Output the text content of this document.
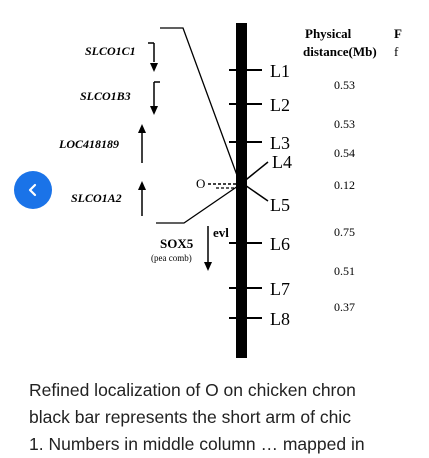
Physical
distance(Mb)
F
f
L1
L2
L3
L4
L5
L6
L7
L8
0.53
0.53
0.54
0.12
0.75
0.51
0.37
SLCO1C1
SLCO1B3
LOC418189
SLCO1A2
SOX5
(pea comb)
O
evl
Refined localization of O on chicken chron
black bar represents the short arm of chic
1. Numbers in middle column … mapped in
